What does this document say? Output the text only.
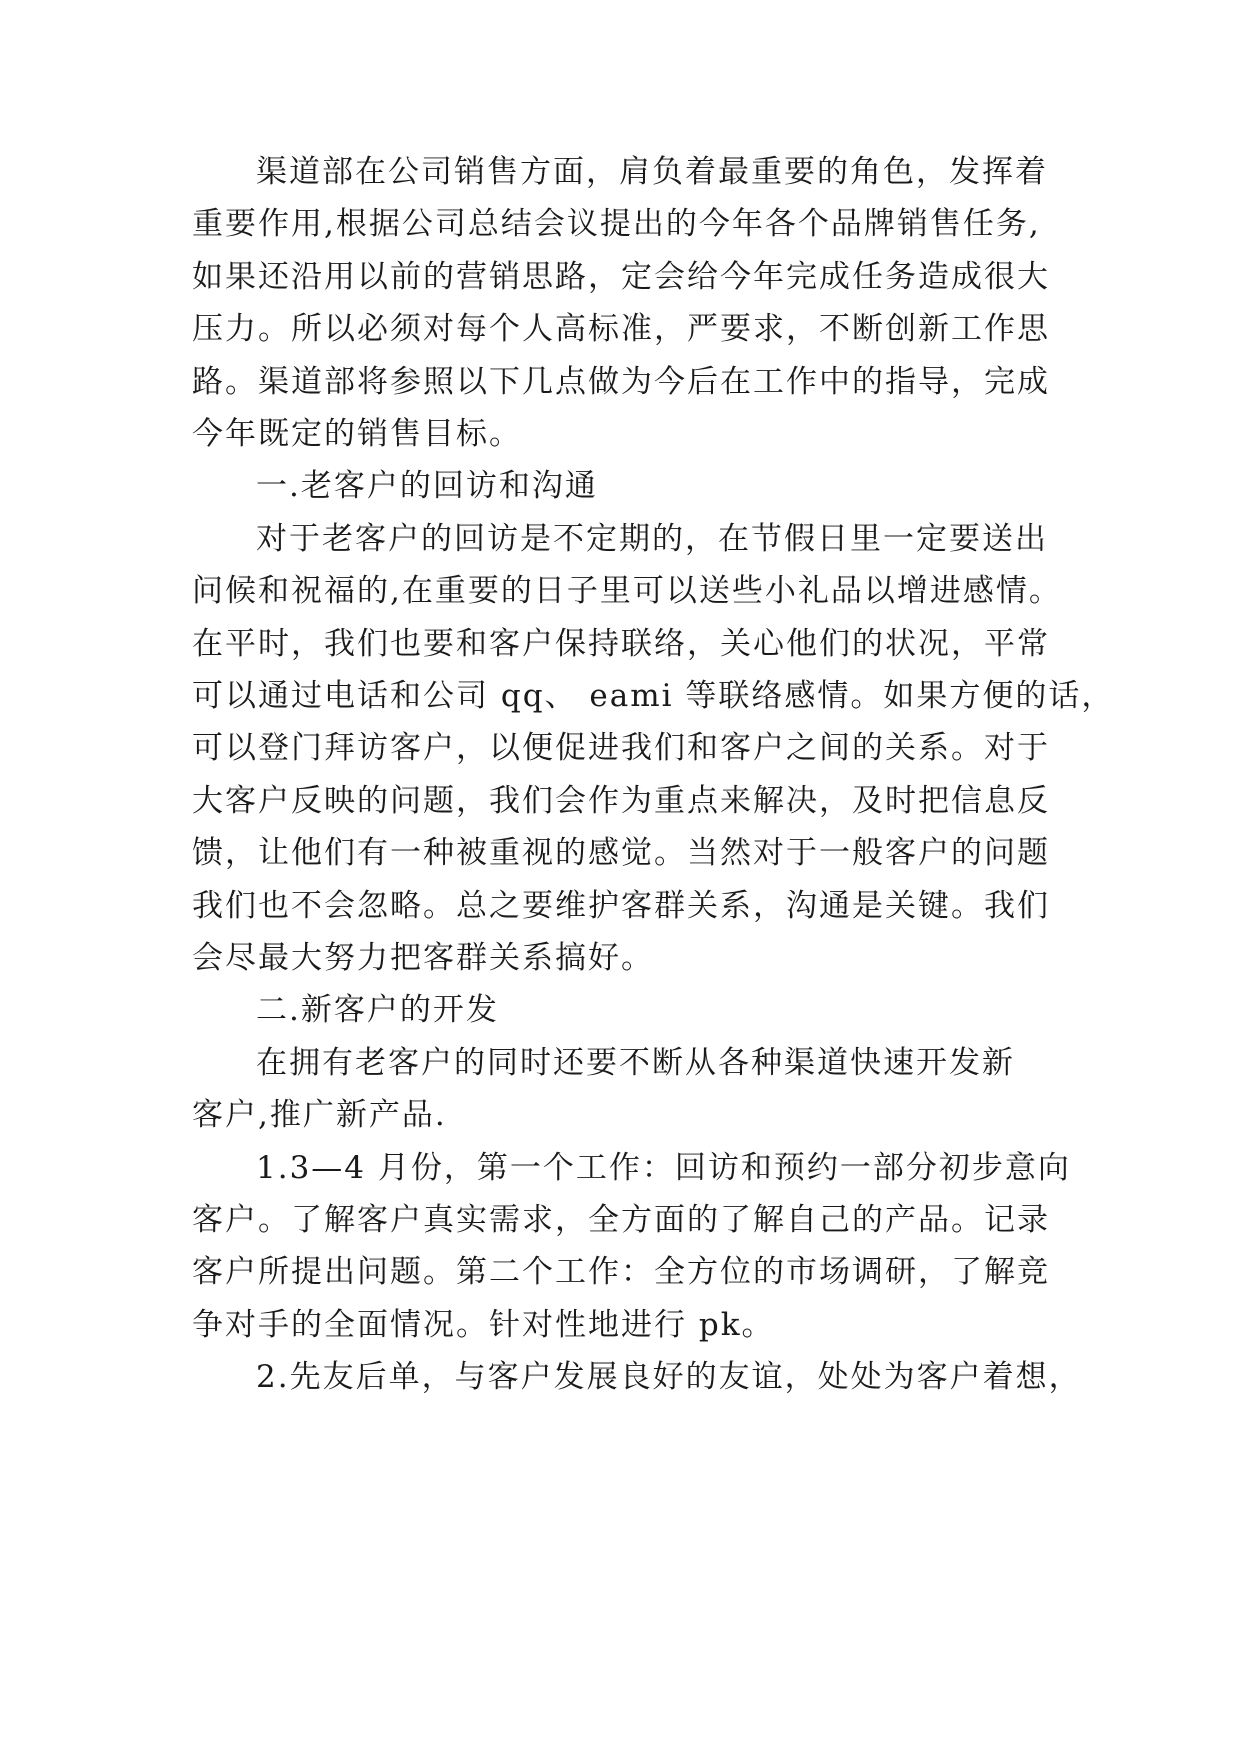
渠道部在公司销售方面，肩负着最重要的角色，发挥着
重要作用,根据公司总结会议提出的今年各个品牌销售任务,
如果还沿用以前的营销思路，定会给今年完成任务造成很大
压力。所以必须对每个人高标准，严要求，不断创新工作思
路。渠道部将参照以下几点做为今后在工作中的指导，完成
今年既定的销售目标。
一.老客户的回访和沟通
对于老客户的回访是不定期的，在节假日里一定要送出
问候和祝福的,在重要的日子里可以送些小礼品以增进感情。
在平时，我们也要和客户保持联络，关心他们的状况，平常
可以通过电话和公司 qq、 eami 等联络感情。如果方便的话，
可以登门拜访客户，以便促进我们和客户之间的关系。对于
大客户反映的问题，我们会作为重点来解决，及时把信息反
馈，让他们有一种被重视的感觉。当然对于一般客户的问题
我们也不会忽略。总之要维护客群关系，沟通是关键。我们
会尽最大努力把客群关系搞好。
二.新客户的开发
在拥有老客户的同时还要不断从各种渠道快速开发新
客户,推广新产品.
1.3—4 月份，第一个工作：回访和预约一部分初步意向
客户。了解客户真实需求，全方面的了解自己的产品。记录
客户所提出问题。第二个工作：全方位的市场调研，了解竞
争对手的全面情况。针对性地进行 pk。
2.先友后单，与客户发展良好的友谊，处处为客户着想，
